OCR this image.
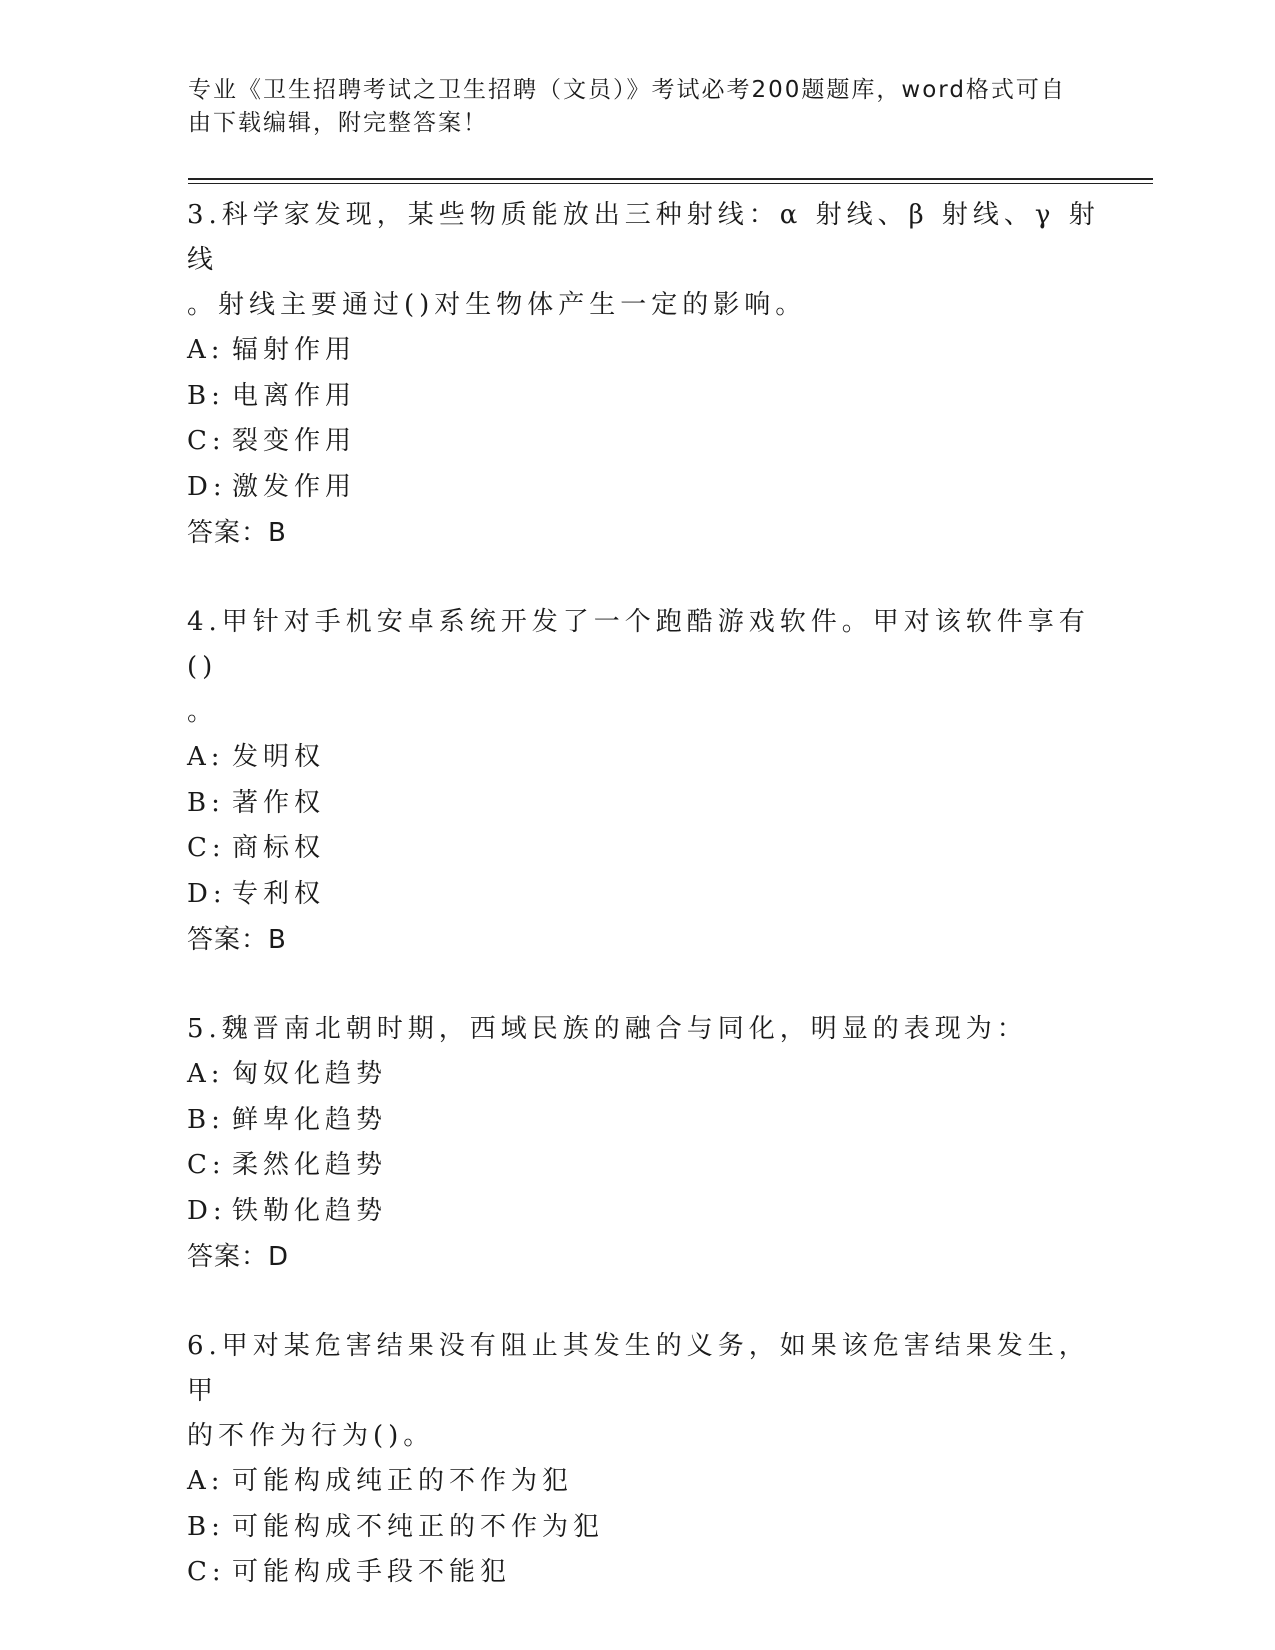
专业《卫生招聘考试之卫生招聘（文员）》考试必考200题题库，word格式可自
由下载编辑，附完整答案！
3.科学家发现，某些物质能放出三种射线：α 射线、β 射线、γ 射线
。射线主要通过()对生物体产生一定的影响。
A: 辐射作用
B: 电离作用
C: 裂变作用
D: 激发作用
答案：B
4.甲针对手机安卓系统开发了一个跑酷游戏软件。甲对该软件享有()
。
A: 发明权
B: 著作权
C: 商标权
D: 专利权
答案：B
5.魏晋南北朝时期，西域民族的融合与同化，明显的表现为：
A: 匈奴化趋势
B: 鲜卑化趋势
C: 柔然化趋势
D: 铁勒化趋势
答案：D
6.甲对某危害结果没有阻止其发生的义务，如果该危害结果发生，甲
的不作为行为()。
A: 可能构成纯正的不作为犯
B: 可能构成不纯正的不作为犯
C: 可能构成手段不能犯
